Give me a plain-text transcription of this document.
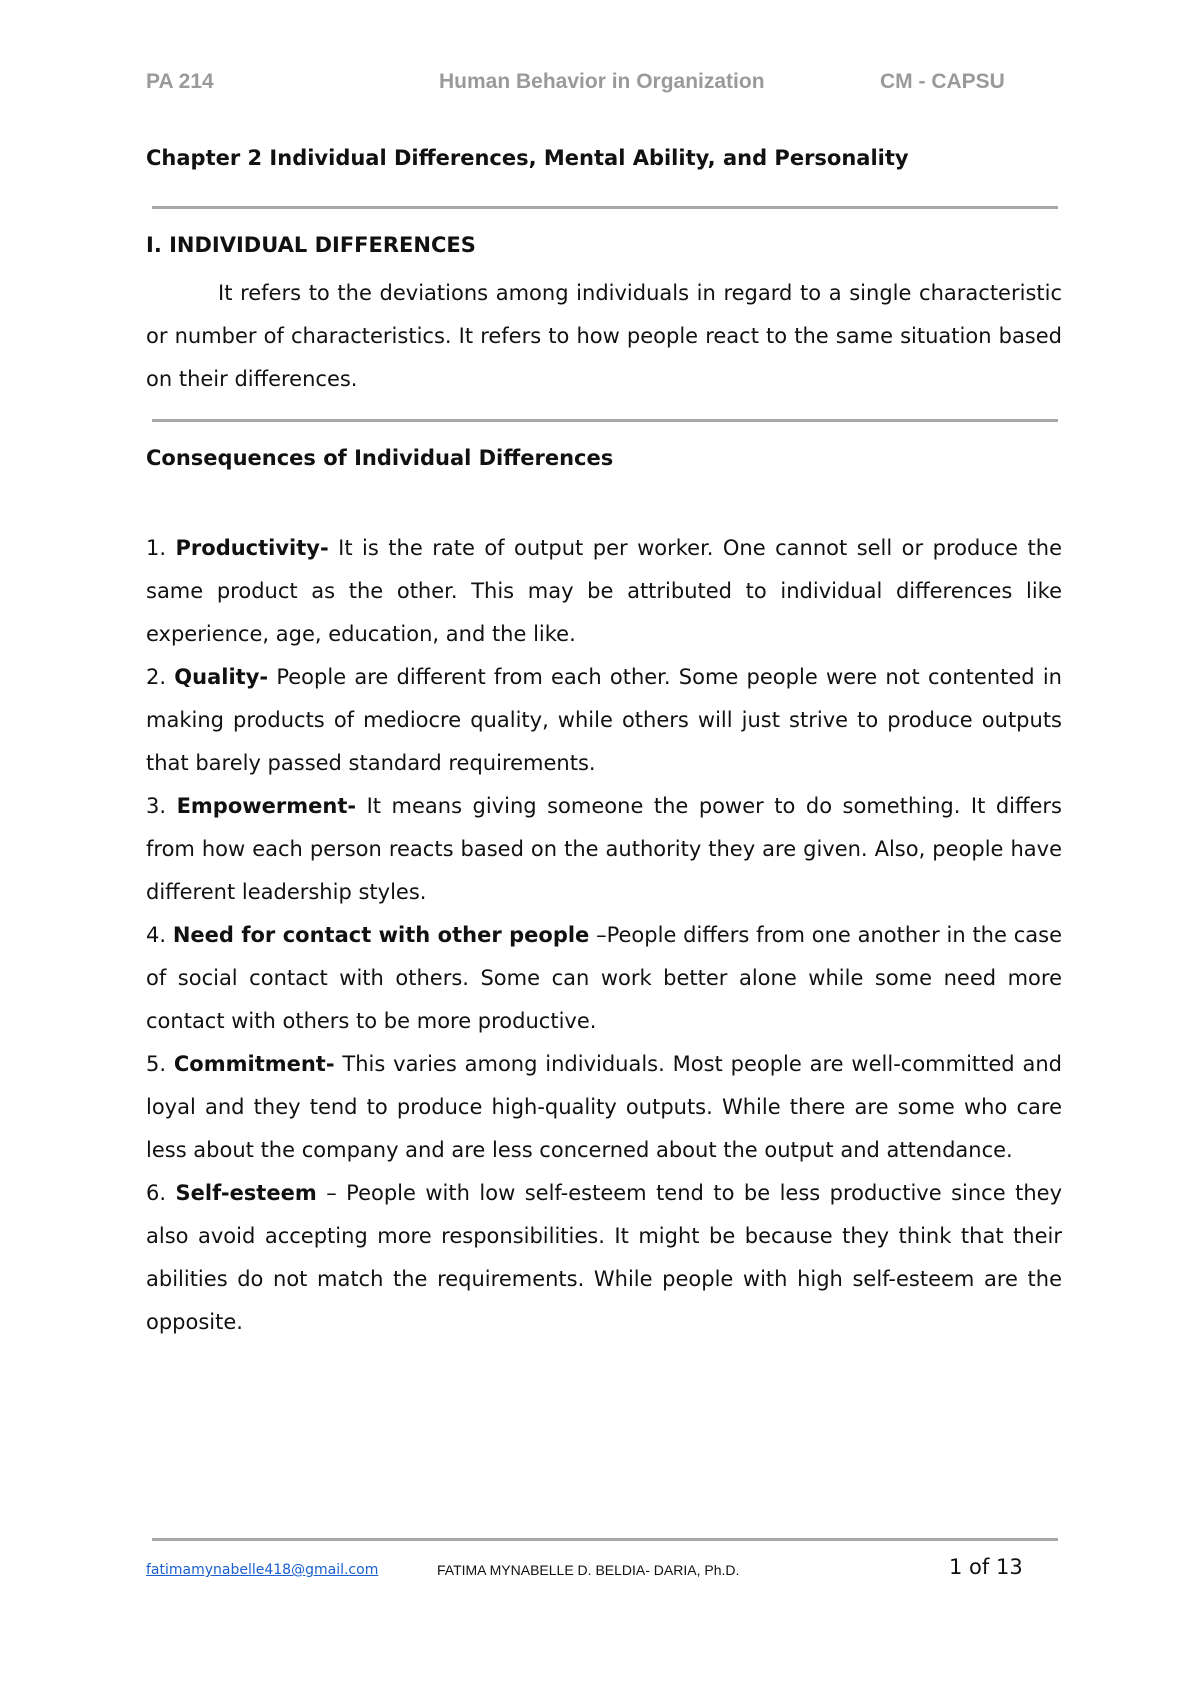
PA 214	Human Behavior in Organization	CM - CAPSU
Chapter 2 Individual Differences, Mental Ability, and Personality
I. INDIVIDUAL DIFFERENCES

It refers to the deviations among individuals in regard to a single characteristic or number of characteristics. It refers to how people react to the same situation based on their differences.

Consequences of Individual Differences
1. Productivity- It is the rate of output per worker. One cannot sell or produce the same product as the other. This may be attributed to individual differences like experience, age, education, and the like.
2. Quality- People are different from each other. Some people were not contented in making products of mediocre quality, while others will just strive to produce outputs that barely passed standard requirements.
3. Empowerment- It means giving someone the power to do something. It differs from how each person reacts based on the authority they are given. Also, people have different leadership styles.
4. Need for contact with other people –People differs from one another in the case of social contact with others. Some can work better alone while some need more contact with others to be more productive.
5. Commitment- This varies among individuals. Most people are well-committed and loyal and they tend to produce high-quality outputs. While there are some who care less about the company and are less concerned about the output and attendance.
6. Self-esteem – People with low self-esteem tend to be less productive since they also avoid accepting more responsibilities. It might be because they think that their abilities do not match the requirements. While people with high self-esteem are the opposite.
fatimamynabelle418@gmail.com	FATIMA MYNABELLE D. BELDIA- DARIA, Ph.D.	1 of 13
